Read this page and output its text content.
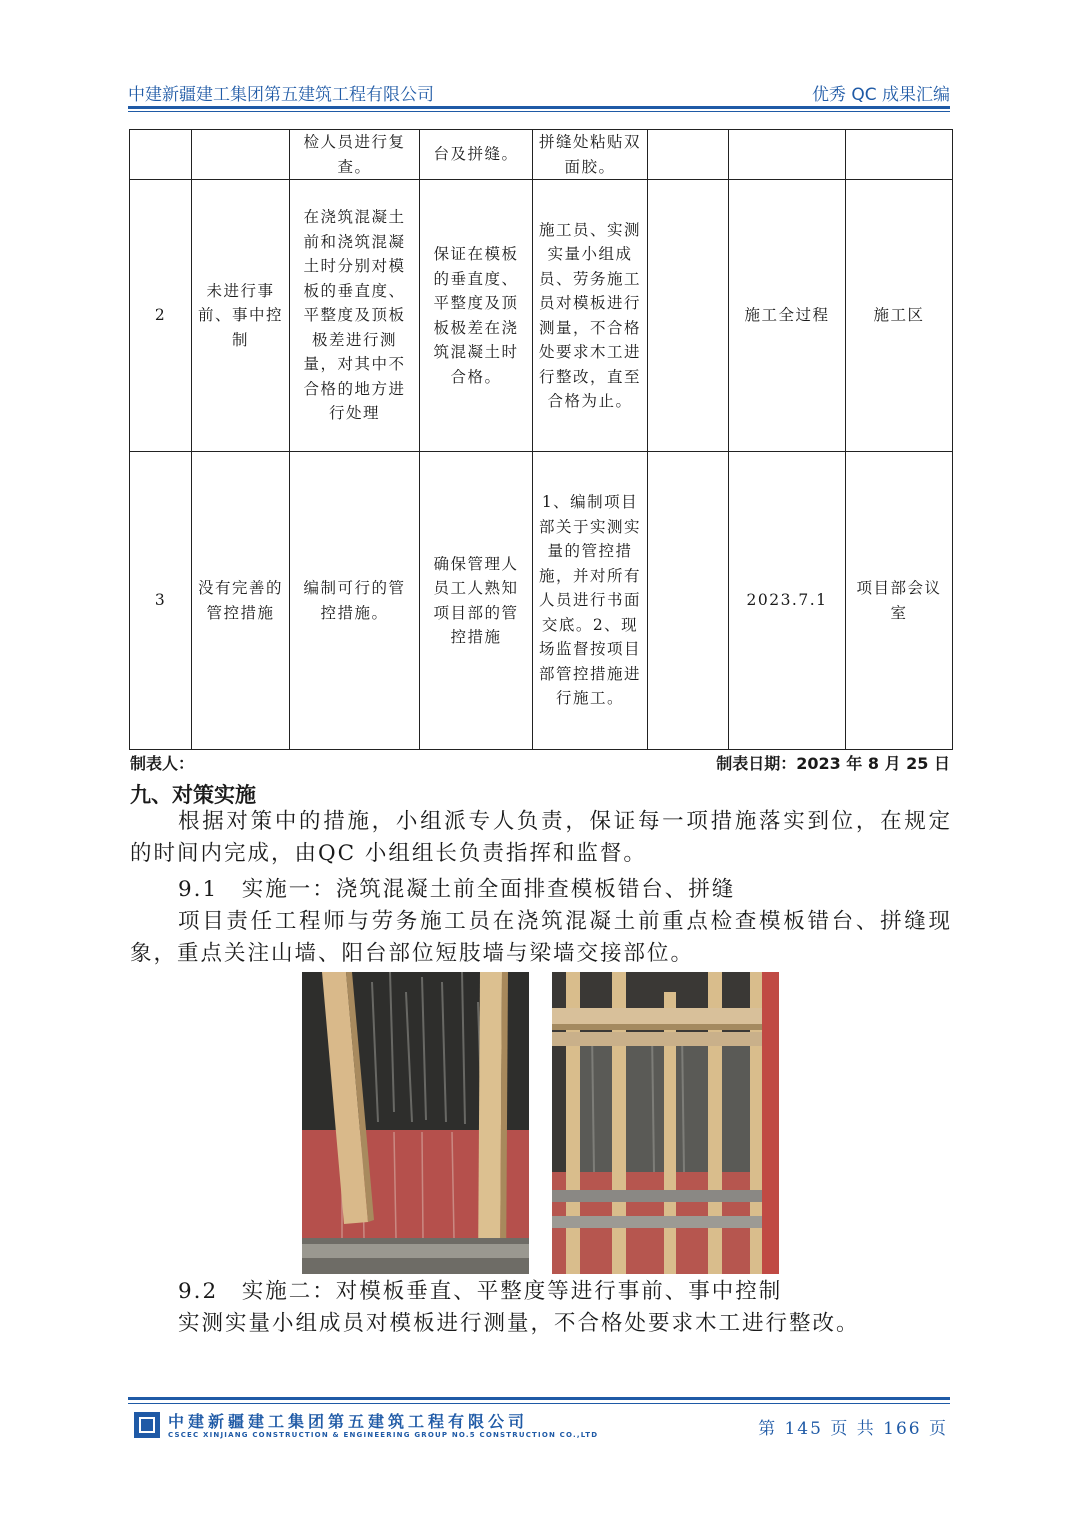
中建新疆建工集团第五建筑工程有限公司	优秀 QC 成果汇编
		检人员进行复查。	台及拼缝。	拼缝处粘贴双面胶。			
2	未进行事前、事中控制	在浇筑混凝土前和浇筑混凝土时分别对模板的垂直度、平整度及顶板极差进行测量，对其中不合格的地方进行处理	保证在模板的垂直度、平整度及顶板极差在浇筑混凝土时合格。	施工员、实测实量小组成员、劳务施工员对模板进行测量，不合格处要求木工进行整改，直至合格为止。		施工全过程	施工区
3	没有完善的管控措施	编制可行的管控措施。	确保管理人员工人熟知项目部的管控措施	1、编制项目部关于实测实量的管控措施，并对所有人员进行书面交底。2、现场监督按项目部管控措施进行施工。		2023.7.1	项目部会议室
制表人：	制表日期：2023 年 8 月 25 日
九、对策实施
根据对策中的措施，小组派专人负责，保证每一项措施落实到位，在规定的时间内完成，由QC 小组组长负责指挥和监督。
9.1　实施一：浇筑混凝土前全面排查模板错台、拼缝
项目责任工程师与劳务施工员在浇筑混凝土前重点检查模板错台、拼缝现象，重点关注山墙、阳台部位短肢墙与梁墙交接部位。
9.2　实施二：对模板垂直、平整度等进行事前、事中控制
实测实量小组成员对模板进行测量，不合格处要求木工进行整改。
中建新疆建工集团第五建筑工程有限公司
CSCEC XINJIANG CONSTRUCTION & ENGINEERING GROUP NO.5 CONSTRUCTION CO.,LTD	第 145 页 共 166 页
